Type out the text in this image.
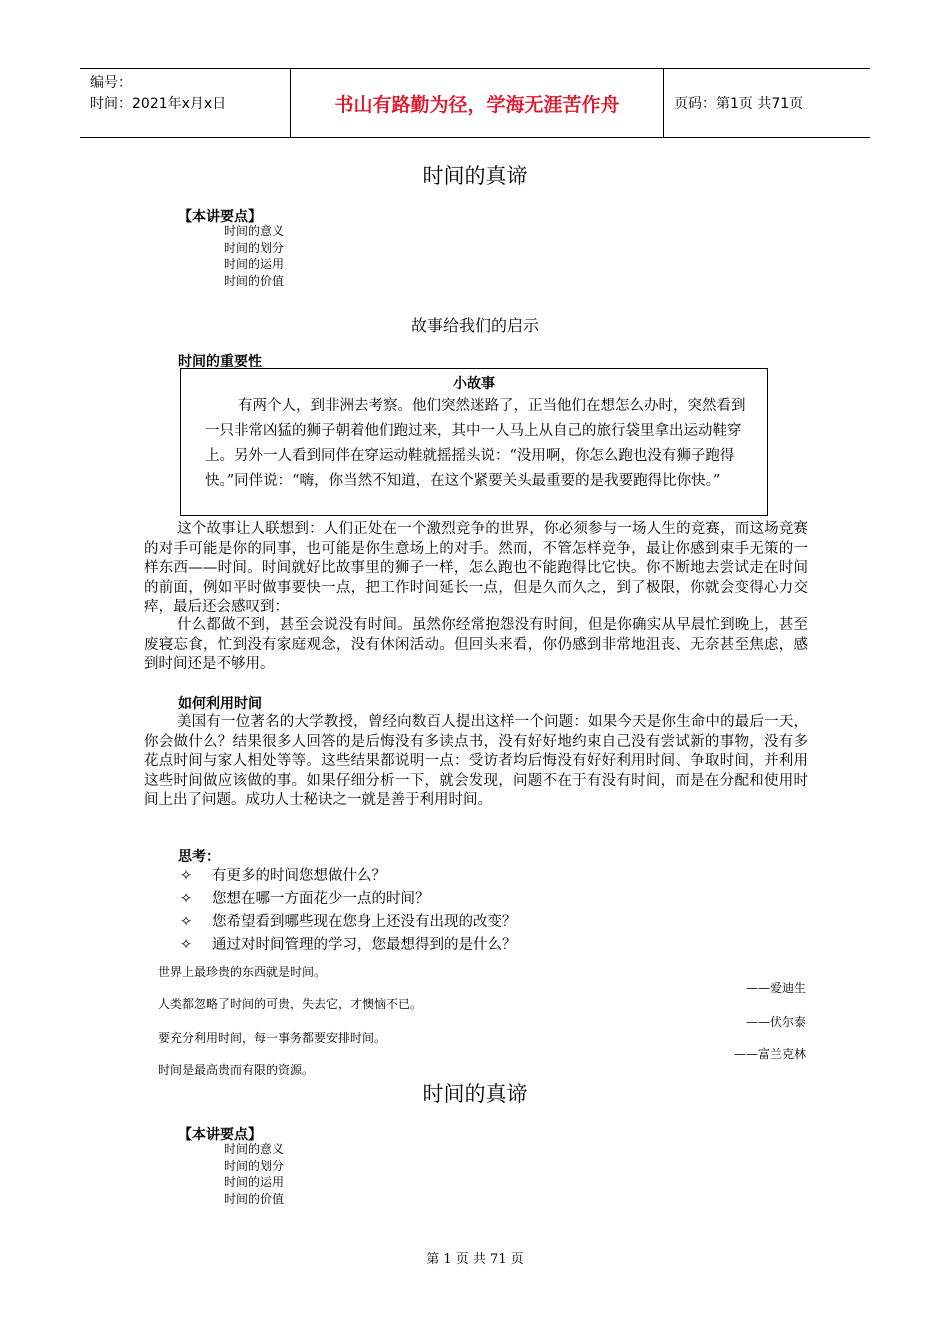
编号：
时间：2021年x月x日	书山有路勤为径，学海无涯苦作舟	页码：第1页 共71页
时间的真谛
【本讲要点】
时间的意义
时间的划分
时间的运用
时间的价值
故事给我们的启示
时间的重要性
小故事
有两个人，到非洲去考察。他们突然迷路了，正当他们在想怎么办时，突然看到一只非常凶猛的狮子朝着他们跑过来，其中一人马上从自己的旅行袋里拿出运动鞋穿上。另外一人看到同伴在穿运动鞋就摇摇头说：“没用啊，你怎么跑也没有狮子跑得快。”同伴说：“嗨，你当然不知道，在这个紧要关头最重要的是我要跑得比你快。”
这个故事让人联想到：人们正处在一个激烈竞争的世界，你必须参与一场人生的竞赛，而这场竞赛的对手可能是你的同事，也可能是你生意场上的对手。然而，不管怎样竞争，最让你感到束手无策的一样东西——时间。时间就好比故事里的狮子一样，怎么跑也不能跑得比它快。你不断地去尝试走在时间的前面，例如平时做事要快一点，把工作时间延长一点，但是久而久之，到了极限，你就会变得心力交瘁，最后还会感叹到：
什么都做不到，甚至会说没有时间。虽然你经常抱怨没有时间，但是你确实从早晨忙到晚上，甚至废寝忘食，忙到没有家庭观念，没有休闲活动。但回头来看，你仍感到非常地沮丧、无奈甚至焦虑，感到时间还是不够用。
如何利用时间
美国有一位著名的大学教授，曾经向数百人提出这样一个问题：如果今天是你生命中的最后一天，你会做什么？结果很多人回答的是后悔没有多读点书，没有好好地约束自己没有尝试新的事物，没有多花点时间与家人相处等等。这些结果都说明一点：受访者均后悔没有好好利用时间、争取时间，并利用这些时间做应该做的事。如果仔细分析一下，就会发现，问题不在于有没有时间，而是在分配和使用时间上出了问题。成功人士秘诀之一就是善于利用时间。
思考：
✧ 有更多的时间您想做什么？
✧ 您想在哪一方面花少一点的时间？
✧ 您希望看到哪些现在您身上还没有出现的改变？
✧ 通过对时间管理的学习，您最想得到的是什么？
世界上最珍贵的东西就是时间。
——爱迪生
人类都忽略了时间的可贵，失去它，才懊恼不已。
——伏尔泰
要充分利用时间，每一事务都要安排时间。
——富兰克林
时间是最高贵而有限的资源。
时间的真谛
【本讲要点】
时间的意义
时间的划分
时间的运用
时间的价值
第 1 页 共 71 页
